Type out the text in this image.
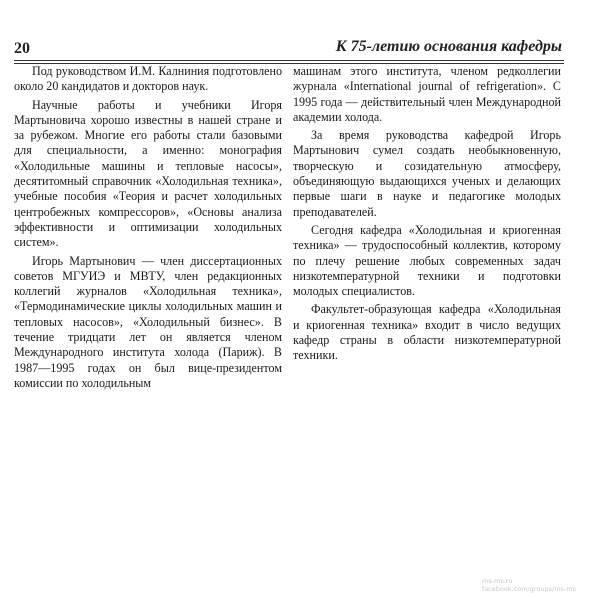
20	К 75-летию основания кафедры

Под руководством И.М. Калниния подготовлено около 20 кандидатов и докторов наук.

Научные работы и учебники Игоря Мартыновича хорошо известны в нашей стране и за рубежом. Многие его работы стали базовыми для специальности, а именно: монография «Холодильные машины и тепловые насосы», десятитомный справочник «Холодильная техника», учебные пособия «Теория и расчет холодильных центробежных компрессоров», «Основы анализа эффективности и оптимизации холодильных систем».

Игорь Мартынович — член диссертационных советов МГУИЭ и МВТУ, член редакционных коллегий журналов «Холодильная техника», «Термодинамические циклы холодильных машин и тепловых насосов», «Холодильный бизнес». В течение тридцати лет он является членом Международного института холода (Париж). В 1987—1995 годах он был вице-президентом комиссии по холодильным

машинам этого института, членом редколлегии журнала «International journal of refrigeration». С 1995 года — действительный член Международной академии холода.

За время руководства кафедрой Игорь Мартынович сумел создать необыкновенную, творческую и созидательную атмосферу, объединяющую выдающихся ученых и делающих первые шаги в науке и педагогике молодых преподавателей.

Сегодня кафедра «Холодильная и криогенная техника» — трудоспособный коллектив, которому по плечу решение любых современных задач низкотемпературной техники и подготовки молодых специалистов.

Факультет-образующая кафедра «Холодильная и криогенная техника» входит в число ведущих кафедр страны в области низкотемпературной техники.

ms-ms.ru
facebook.com/groups/ms-ms
